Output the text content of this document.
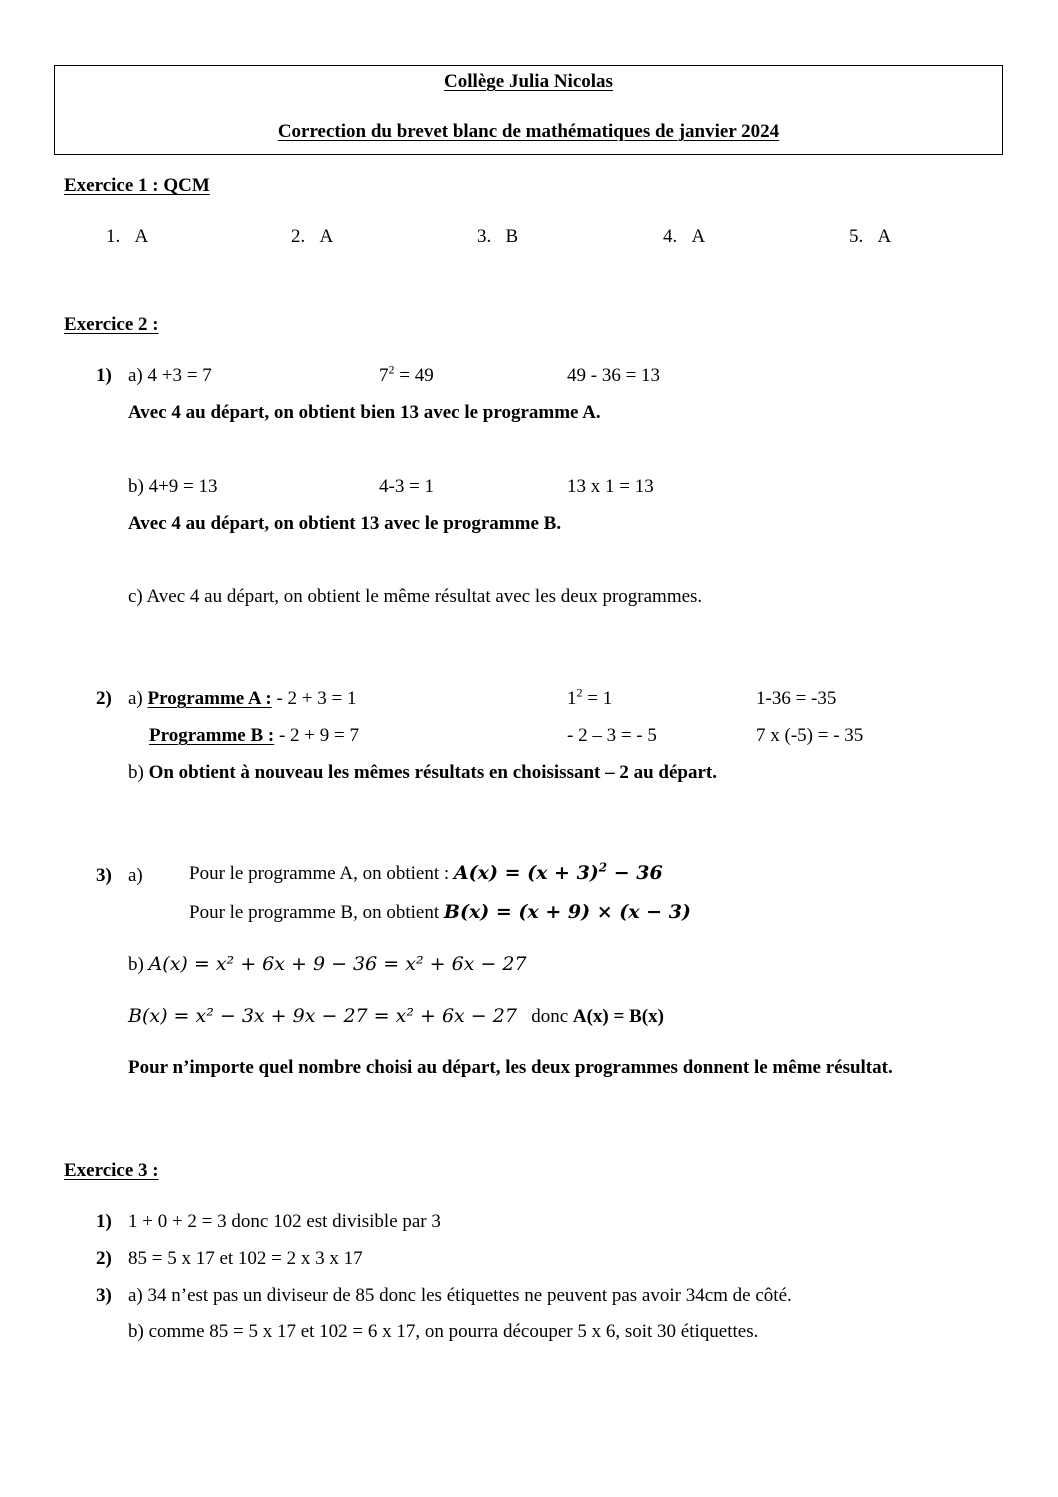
Collège Julia Nicolas
Correction du brevet blanc de mathématiques de janvier 2024
Exercice 1 : QCM
1. A	2. A	3. B	4. A	5. A
Exercice 2 :
1) a) 4 +3 = 7	$7^2 = 49$	49 - 36 = 13
Avec 4 au départ, on obtient bien 13 avec le programme A.
b) 4+9 = 13	4-3 = 1	13 x 1 = 13
Avec 4 au départ, on obtient 13 avec le programme B.
c) Avec 4 au départ, on obtient le même résultat avec les deux programmes.
2) a) Programme A : - 2 + 3 = 1	$1^2 = 1$	1-36 = -35
Programme B : - 2 + 9 = 7	- 2 – 3 = - 5	7 x (-5) = - 35
b) On obtient à nouveau les mêmes résultats en choisissant – 2 au départ.
3) a) Pour le programme A, on obtient : $A(x) = (x + 3)^2 - 36$
Pour le programme B, on obtient B(x) = (x + 9) × (x − 3)
b) A(x) = x² + 6x + 9 − 36 = x² + 6x − 27
B(x) = x² − 3x + 9x − 27 = x² + 6x − 27 donc A(x) = B(x)
Pour n’importe quel nombre choisi au départ, les deux programmes donnent le même résultat.
Exercice 3 :
1) 1 + 0 + 2 = 3 donc 102 est divisible par 3
2) 85 = 5 x 17 et 102 = 2 x 3 x 17
3) a) 34 n’est pas un diviseur de 85 donc les étiquettes ne peuvent pas avoir 34cm de côté.
b) comme 85 = 5 x 17 et 102 = 6 x 17, on pourra découper 5 x 6, soit 30 étiquettes.
